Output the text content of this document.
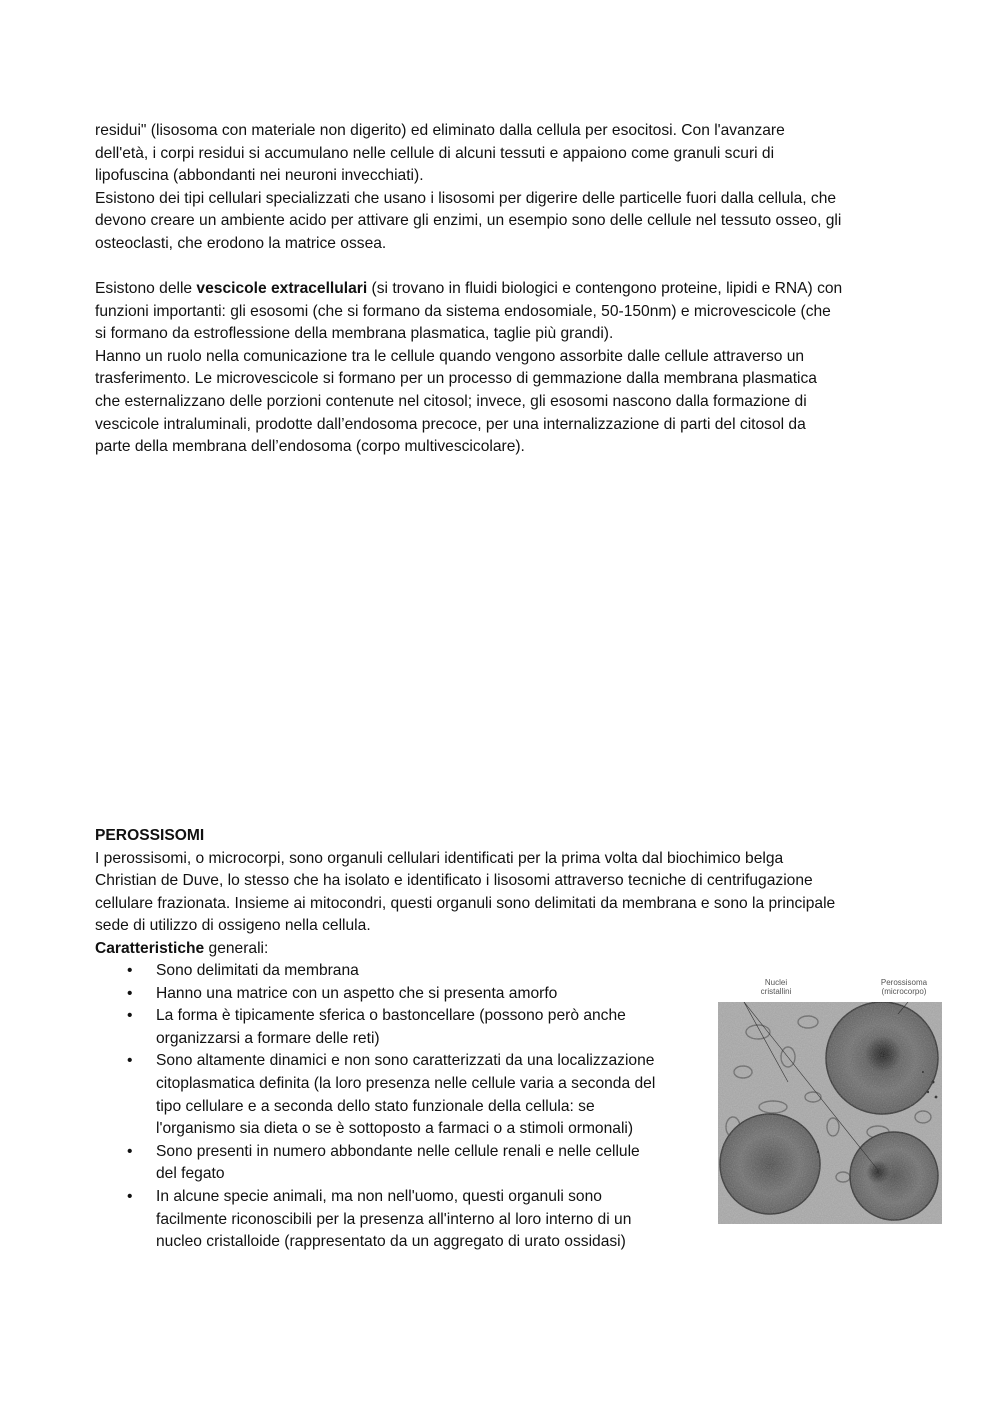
residui" (lisosoma con materiale non digerito) ed eliminato dalla cellula per esocitosi. Con l'avanzare
dell'età, i corpi residui si accumulano nelle cellule di alcuni tessuti e appaiono come granuli scuri di
lipofuscina (abbondanti nei neuroni invecchiati).
Esistono dei tipi cellulari specializzati che usano i lisosomi per digerire delle particelle fuori dalla cellula, che
devono creare un ambiente acido per attivare gli enzimi, un esempio sono delle cellule nel tessuto osseo, gli
osteoclasti, che erodono la matrice ossea.

Esistono delle vescicole extracellulari (si trovano in fluidi biologici e contengono proteine, lipidi e RNA) con
funzioni importanti: gli esosomi (che si formano da sistema endosomiale, 50-150nm) e microvescicole (che
si formano da estroflessione della membrana plasmatica, taglie più grandi).
Hanno un ruolo nella comunicazione tra le cellule quando vengono assorbite dalle cellule attraverso un
trasferimento. Le microvescicole si formano per un processo di gemmazione dalla membrana plasmatica
che esternalizzano delle porzioni contenute nel citosol; invece, gli esosomi nascono dalla formazione di
vescicole intraluminali, prodotte dall’endosoma precoce, per una internalizzazione di parti del citosol da
parte della membrana dell’endosoma (corpo multivescicolare).

PEROSSISOMI
I perossisomi, o microcorpi, sono organuli cellulari identificati per la prima volta dal biochimico belga
Christian de Duve, lo stesso che ha isolato e identificato i lisosomi attraverso tecniche di centrifugazione
cellulare frazionata. Insieme ai mitocondri, questi organuli sono delimitati da membrana e sono la principale
sede di utilizzo di ossigeno nella cellula.
Caratteristiche generali:

• Sono delimitati da membrana
• Hanno una matrice con un aspetto che si presenta amorfo
• La forma è tipicamente sferica o bastoncellare (possono però anche
organizzarsi a formare delle reti)
• Sono altamente dinamici e non sono caratterizzati da una localizzazione
citoplasmatica definita (la loro presenza nelle cellule varia a seconda del
tipo cellulare e a seconda dello stato funzionale della cellula: se
l'organismo sia dieta o se è sottoposto a farmaci o a stimoli ormonali)
• Sono presenti in numero abbondante nelle cellule renali e nelle cellule
del fegato
• In alcune specie animali, ma non nell'uomo, questi organuli sono
facilmente riconoscibili per la presenza all'interno al loro interno di un
nucleo cristalloide (rappresentato da un aggregato di urato ossidasi)
Nuclei
cristallini
Perossisoma
(microcorpo)
